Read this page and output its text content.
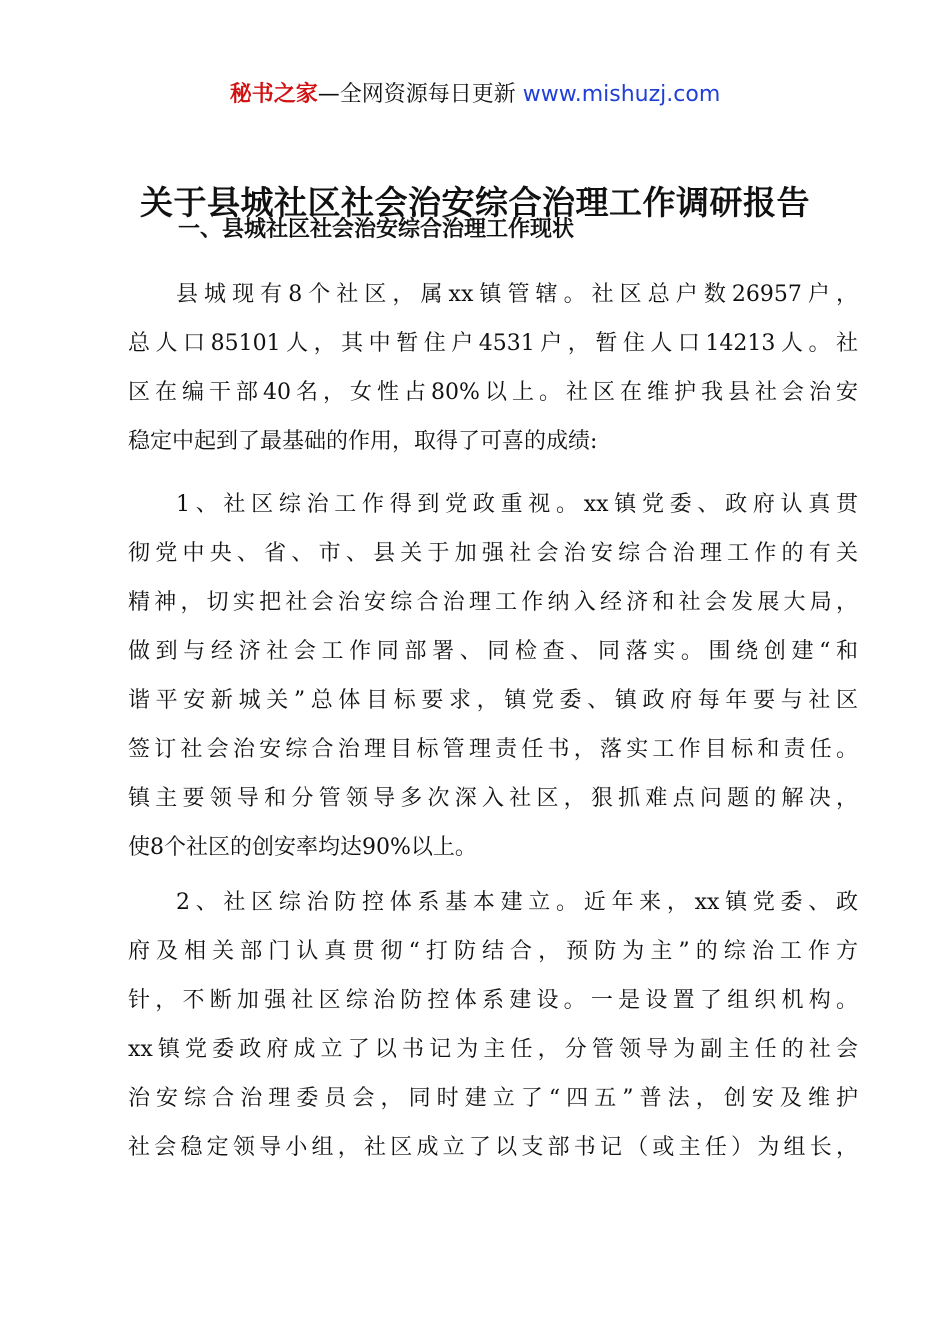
秘书之家—全网资源每日更新 www.mishuzj.com
关于县城社区社会治安综合治理工作调研报告
一、县城社区社会治安综合治理工作现状
县城现有8个社区，属xx镇管辖。社区总户数26957户，
总人口85101人，其中暂住户4531户，暂住人口14213人。社
区在编干部40名，女性占80%以上。社区在维护我县社会治安
稳定中起到了最基础的作用，取得了可喜的成绩:
1、社区综治工作得到党政重视。xx镇党委、政府认真贯
彻党中央、省、市、县关于加强社会治安综合治理工作的有关
精神，切实把社会治安综合治理工作纳入经济和社会发展大局，
做到与经济社会工作同部署、同检查、同落实。围绕创建“和
谐平安新城关”总体目标要求，镇党委、镇政府每年要与社区
签订社会治安综合治理目标管理责任书，落实工作目标和责任。
镇主要领导和分管领导多次深入社区，狠抓难点问题的解决，
使8个社区的创安率均达90%以上。
2、社区综治防控体系基本建立。近年来，xx镇党委、政
府及相关部门认真贯彻“打防结合，预防为主”的综治工作方
针，不断加强社区综治防控体系建设。一是设置了组织机构。
xx镇党委政府成立了以书记为主任，分管领导为副主任的社会
治安综合治理委员会，同时建立了“四五”普法，创安及维护
社会稳定领导小组，社区成立了以支部书记（或主任）为组长，
